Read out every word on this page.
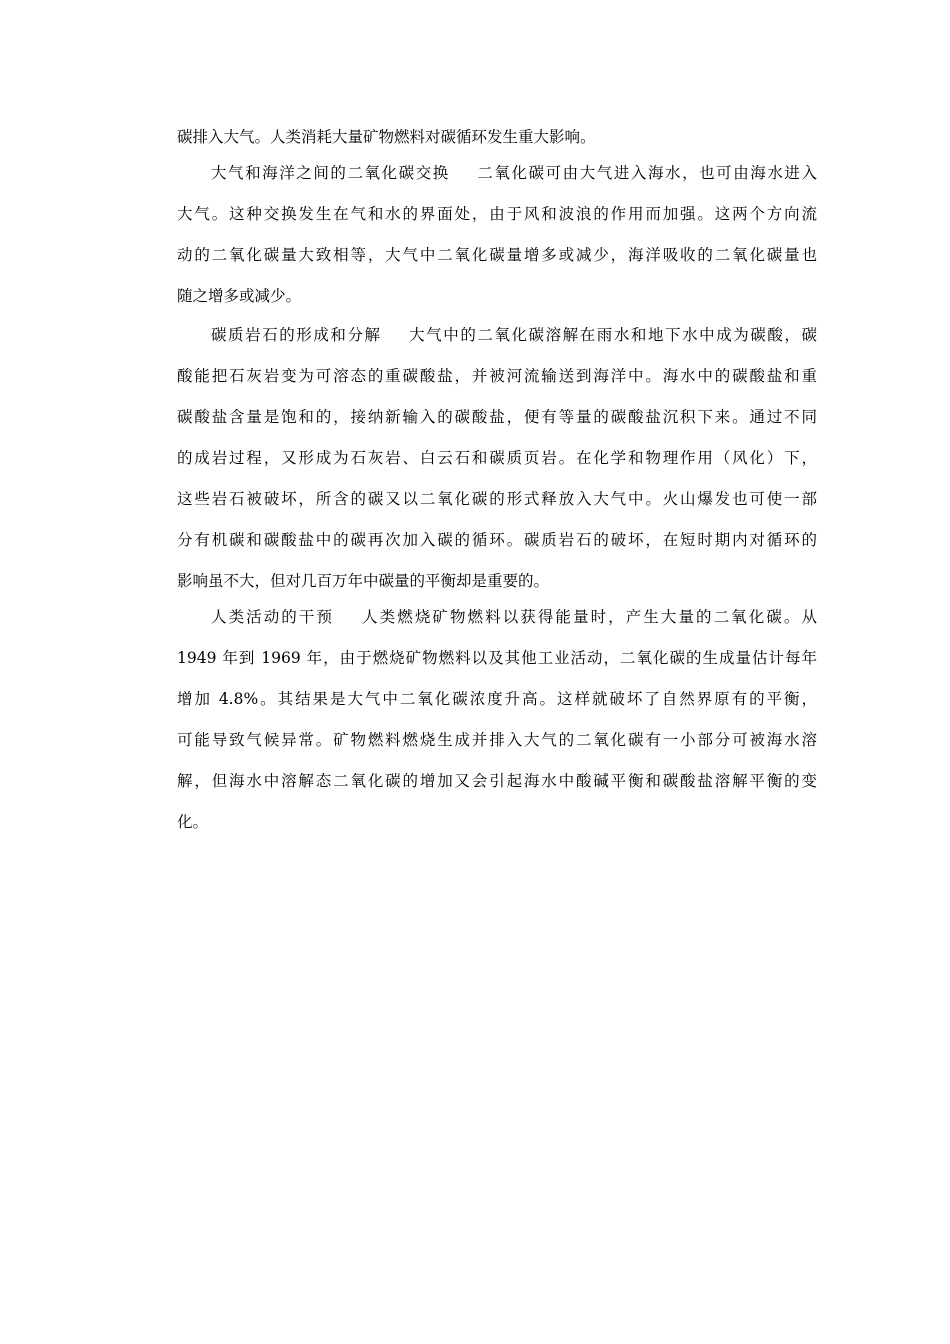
碳排入大气。人类消耗大量矿物燃料对碳循环发生重大影响。
大气和海洋之间的二氧化碳交换 二氧化碳可由大气进入海水，也可由海水进入
大气。这种交换发生在气和水的界面处，由于风和波浪的作用而加强。这两个方向流
动的二氧化碳量大致相等，大气中二氧化碳量增多或减少，海洋吸收的二氧化碳量也
随之增多或减少。
碳质岩石的形成和分解 大气中的二氧化碳溶解在雨水和地下水中成为碳酸，碳
酸能把石灰岩变为可溶态的重碳酸盐，并被河流输送到海洋中。海水中的碳酸盐和重
碳酸盐含量是饱和的，接纳新输入的碳酸盐，便有等量的碳酸盐沉积下来。通过不同
的成岩过程，又形成为石灰岩、白云石和碳质页岩。在化学和物理作用（风化）下，
这些岩石被破坏，所含的碳又以二氧化碳的形式释放入大气中。火山爆发也可使一部
分有机碳和碳酸盐中的碳再次加入碳的循环。碳质岩石的破坏，在短时期内对循环的
影响虽不大，但对几百万年中碳量的平衡却是重要的。
人类活动的干预 人类燃烧矿物燃料以获得能量时，产生大量的二氧化碳。从
1949 年到 1969 年，由于燃烧矿物燃料以及其他工业活动，二氧化碳的生成量估计每年
增加 4.8%。其结果是大气中二氧化碳浓度升高。这样就破坏了自然界原有的平衡，
可能导致气候异常。矿物燃料燃烧生成并排入大气的二氧化碳有一小部分可被海水溶
解，但海水中溶解态二氧化碳的增加又会引起海水中酸碱平衡和碳酸盐溶解平衡的变
化。
